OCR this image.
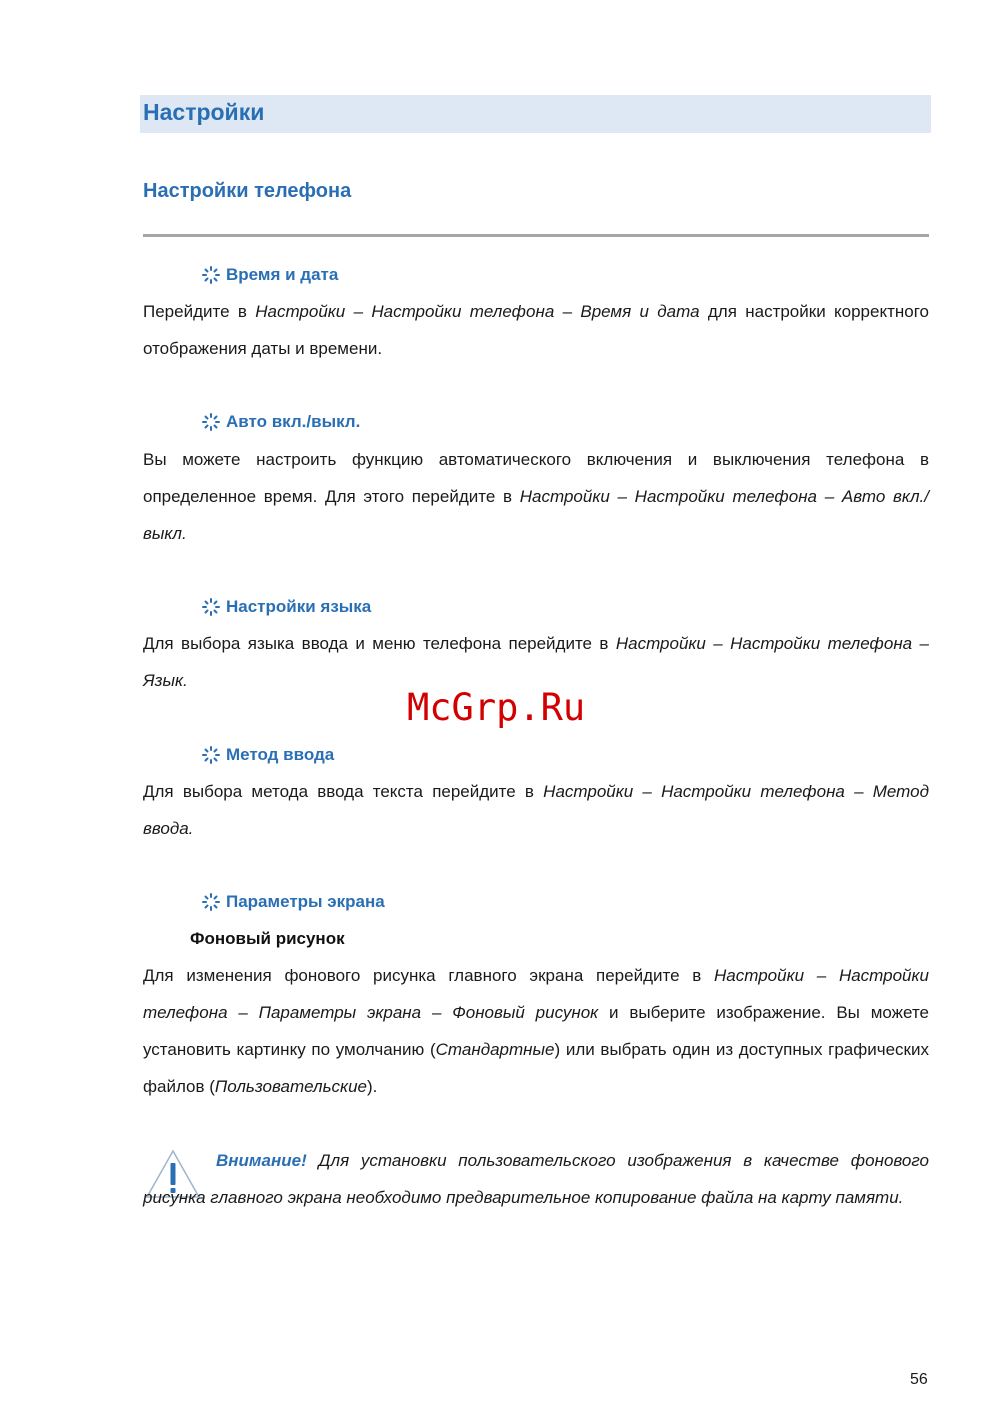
Настройки
Настройки телефона
Время и дата

Перейдите в Настройки – Настройки телефона – Время и дата для настройки корректного отображения даты и времени.

Авто вкл./выкл.

Вы можете настроить функцию автоматического включения и выключения телефона в определенное время. Для этого перейдите в Настройки – Настройки телефона – Авто вкл./выкл.

Настройки языка

Для выбора языка ввода и меню телефона перейдите в Настройки – Настройки телефона – Язык.

McGrp.Ru
Метод ввода

Для выбора метода ввода текста перейдите в Настройки – Настройки телефона – Метод ввода.

Параметры экрана
Фоновый рисунок

Для изменения фонового рисунка главного экрана перейдите в Настройки – Настройки телефона – Параметры экрана – Фоновый рисунок и выберите изображение. Вы можете установить картинку по умолчанию (Стандартные) или выбрать один из доступных графических файлов (Пользовательские).

Внимание! Для установки пользовательского изображения в качестве фонового рисунка главного экрана необходимо предварительное копирование файла на карту памяти.

56
